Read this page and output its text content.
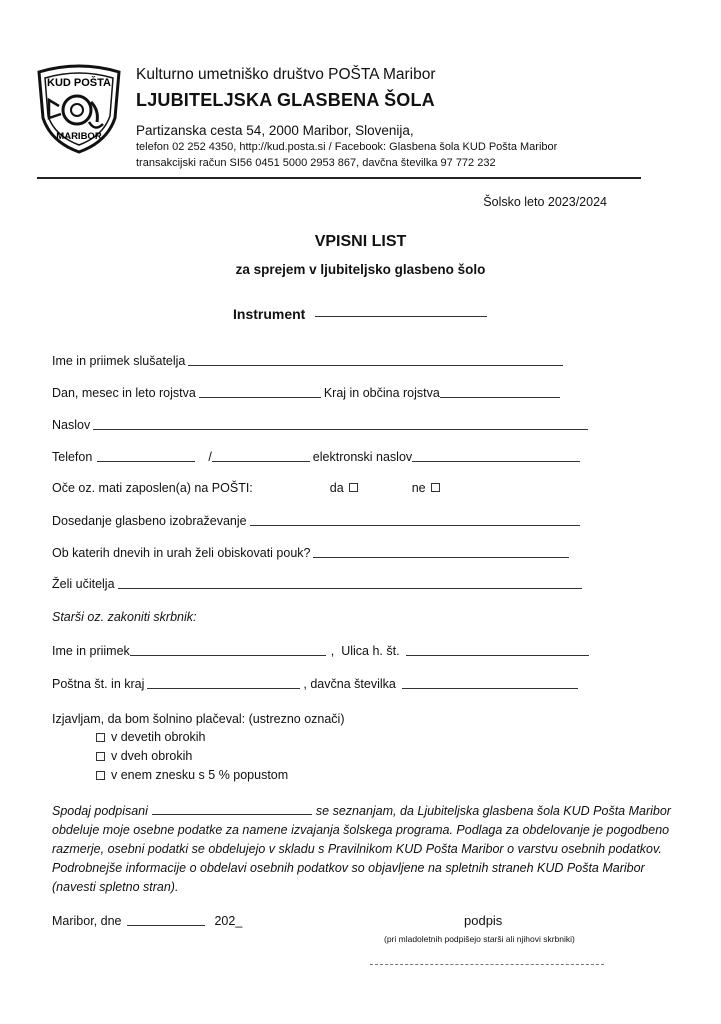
KUD POŠTA
MARIBOR
Kulturno umetniško društvo POŠTA Maribor
LJUBITELJSKA GLASBENA ŠOLA
Partizanska cesta 54, 2000 Maribor, Slovenija,
telefon 02 252 4350, http://kud.posta.si / Facebook: Glasbena šola KUD Pošta Maribor
transakcijski račun SI56 0451 5000 2953 867, davčna številka 97 772 232
Šolsko leto 2023/2024
VPISNI LIST
za sprejem v ljubiteljsko glasbeno šolo
Instrument
Ime in priimek slušatelja
Dan, mesec in leto rojstva	Kraj in občina rojstva
Naslov
Telefon	/	elektronski naslov
Oče oz. mati zaposlen(a) na POŠTI:	da	ne
Dosedanje glasbeno izobraževanje
Ob katerih dnevih in urah želi obiskovati pouk?
Želi učitelja
Starši oz. zakoniti skrbnik:
Ime in priimek	, Ulica h. št.
Poštna št. in kraj	, davčna številka
Izjavljam, da bom šolnino plačeval: (ustrezno označi)
v devetih obrokih
v dveh obrokih
v enem znesku s 5 % popustom
Spodaj podpisani	se seznanjam, da Ljubiteljska glasbena šola KUD Pošta Maribor obdeluje moje osebne podatke za namene izvajanja šolskega programa. Podlaga za obdelovanje je pogodbeno razmerje, osebni podatki se obdelujejo v skladu s Pravilnikom KUD Pošta Maribor o varstvu osebnih podatkov. Podrobnejše informacije o obdelavi osebnih podatkov so objavljene na spletnih straneh KUD Pošta Maribor (navesti spletno stran).
Maribor, dne	202_	podpis
(pri mladoletnih podpišejo starši ali njihovi skrbniki)
